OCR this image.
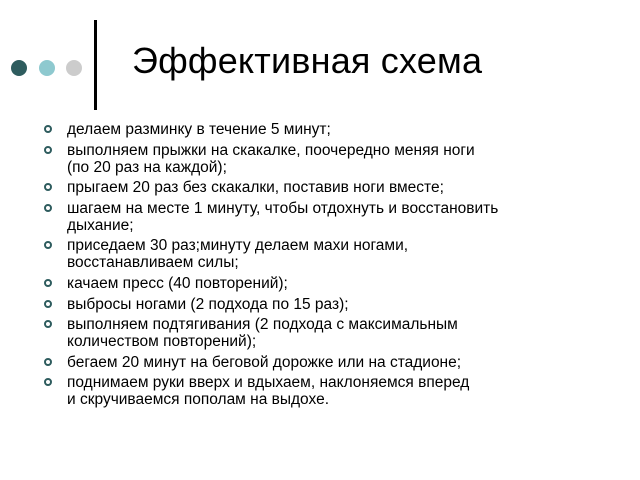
Эффективная схема
делаем разминку в течение 5 минут;
выполняем прыжки на скакалке, поочередно меняя ноги
(по 20 раз на каждой);
прыгаем 20 раз без скакалки, поставив ноги вместе;
шагаем на месте 1 минуту, чтобы отдохнуть и восстановить
дыхание;
приседаем 30 раз;минуту делаем махи ногами,
восстанавливаем силы;
качаем пресс (40 повторений);
выбросы ногами (2 подхода по 15 раз);
выполняем подтягивания (2 подхода с максимальным
количеством повторений);
бегаем 20 минут на беговой дорожке или на стадионе;
поднимаем руки вверх и вдыхаем, наклоняемся вперед
и скручиваемся пополам на выдохе.
